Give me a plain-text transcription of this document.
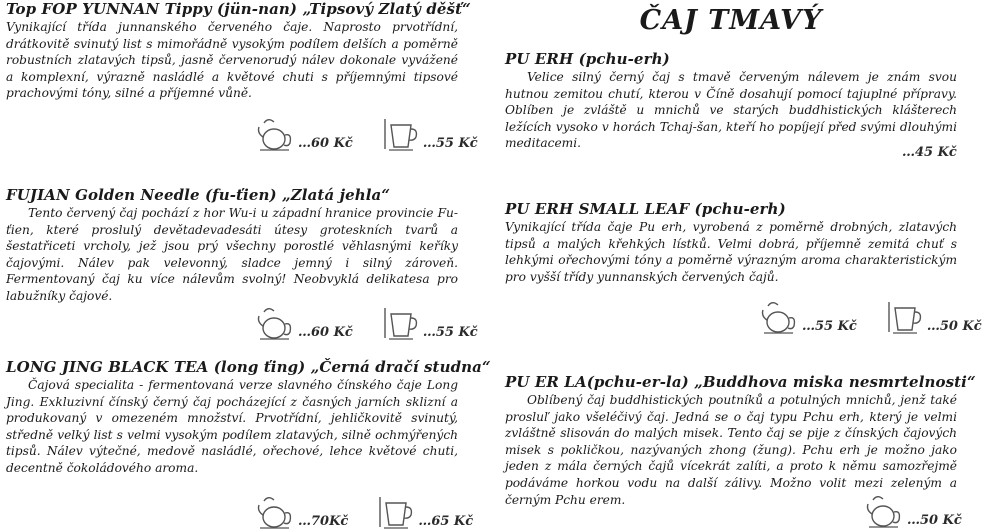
Top FOP YUNNAN Tippy (jün-nan) „Tipsový Zlatý děšť“
Vynikající třída junnanského červeného čaje. Naprosto prvotřídní, drátkovitě svinutý list s mimořádně vysokým podílem delších a poměrně robustních zlatavých tipsů, jasně červenorudý nálev dokonale vyvážené a komplexní, výrazně nasládlé a květové chuti s příjemnými tipsové prachovými tóny, silné a příjemné vůně.
…60 Kč	…55 Kč
FUJIAN Golden Needle (fu-ťien) „Zlatá jehla“
Tento červený čaj pochází z hor Wu-i u západní hranice provincie Fu-ťien, které proslulý devětadevadesáti útesy groteskních tvarů a šestatřiceti vrcholy, jež jsou prý všechny porostlé věhlasnými keříky čajovými. Nálev pak velevonný, sladce jemný i silný zároveň. Fermentovaný čaj ku více nálevům svolný! Neobvyklá delikatesa pro labužníky čajové.
…60 Kč	…55 Kč
LONG JING BLACK TEA (long ťing) „Černá dračí studna“
Čajová specialita - fermentovaná verze slavného čínského čaje Long Jing. Exkluzivní čínský černý čaj pocházející z časných jarních sklizní a produkovaný v omezeném množství. Prvotřídní, jehličkovitě svinutý, středně velký list s velmi vysokým podílem zlatavých, silně ochmýřených tipsů. Nálev výtečné, medově nasládlé, ořechové, lehce květové chuti, decentně čokoládového aroma.
…70Kč	…65 Kč
ČAJ TMAVÝ
PU ERH (pchu-erh)
Velice silný černý čaj s tmavě červeným nálevem je znám svou hutnou zemitou chutí, kterou v Číně dosahují pomocí tajuplné přípravy. Oblíben je zvláště u mnichů ve starých buddhistických klášterech ležících vysoko v horách Tchaj-šan, kteří ho popíjejí před svými dlouhými meditacemi.
…45 Kč
PU ERH SMALL LEAF (pchu-erh)
Vynikající třída čaje Pu erh, vyrobená z poměrně drobných, zlatavých tipsů a malých křehkých lístků. Velmi dobrá, příjemně zemitá chuť s lehkými ořechovými tóny a poměrně výrazným aroma charakteristickým pro vyšší třídy yunnanských červených čajů.
…55 Kč	…50 Kč
PU ER LA(pchu-er-la) „Buddhova miska nesmrtelnosti“
Oblíbený čaj buddhistických poutníků a potulných mnichů, jenž také prosluľ jako všeléčivý čaj. Jedná se o čaj typu Pchu erh, který je velmi zvláštně slisován do malých misek. Tento čaj se pije z čínských čajových misek s pokličkou, nazývaných zhong (žung). Pchu erh je možno jako jeden z mála černých čajů vícekrát zalíti, a proto k němu samozřejmě podáváme horkou vodu na další zálivy. Možno volit mezi zeleným a černým Pchu erem.
…50 Kč
